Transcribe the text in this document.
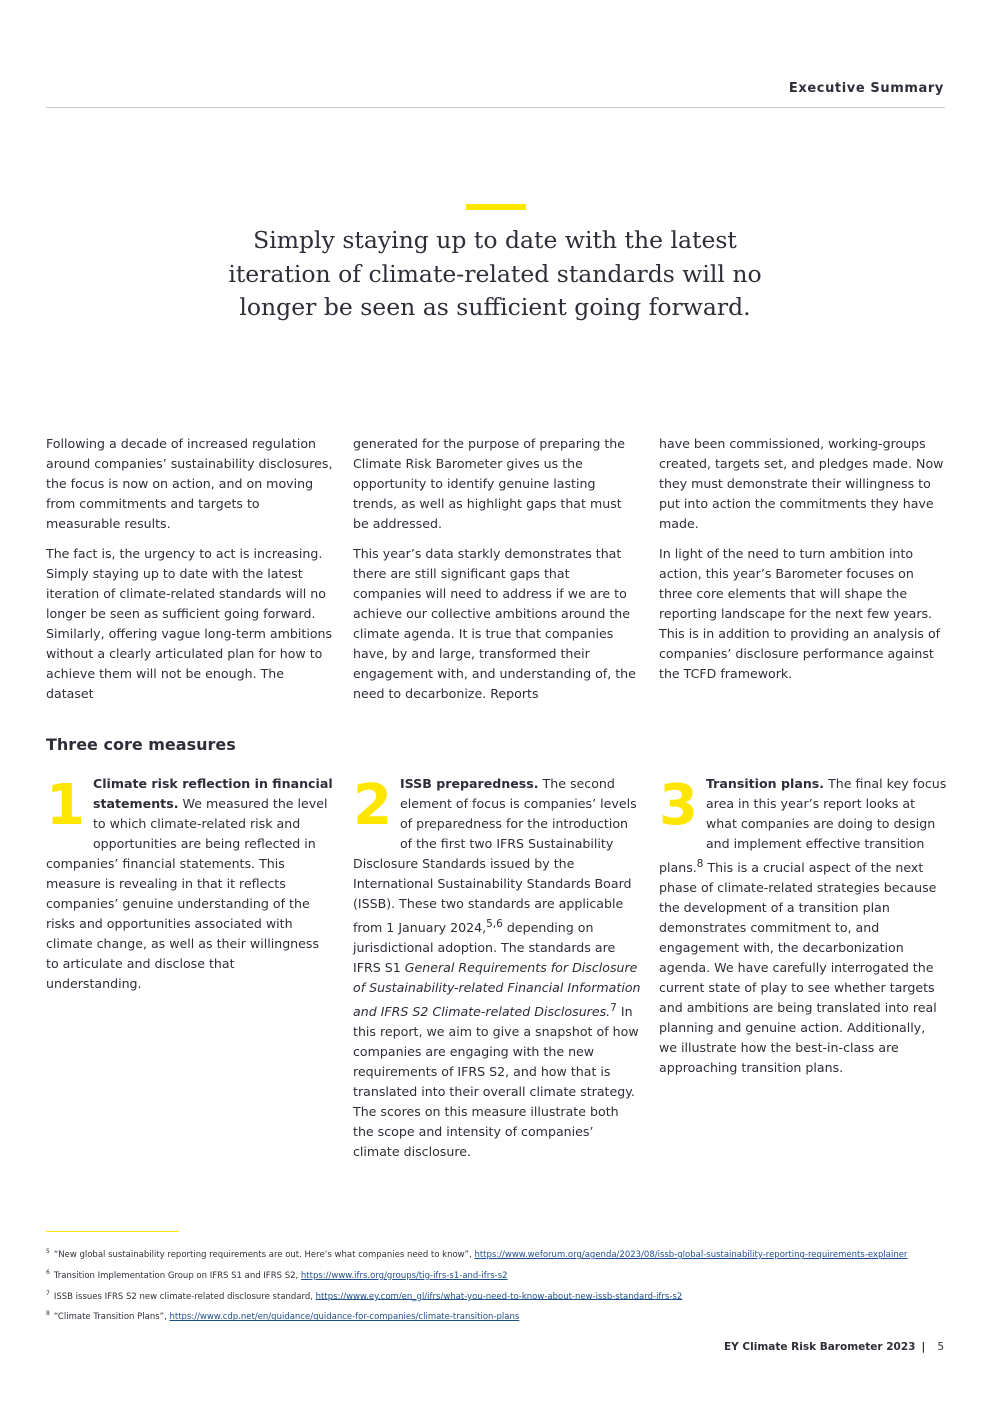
Executive Summary
Simply staying up to date with the latest iteration of climate-related standards will no longer be seen as sufficient going forward.

Following a decade of increased regulation around companies’ sustainability disclosures, the focus is now on action, and on moving from commitments and targets to measurable results.

The fact is, the urgency to act is increasing. Simply staying up to date with the latest iteration of climate-related standards will no longer be seen as sufficient going forward. Similarly, offering vague long-term ambitions without a clearly articulated plan for how to achieve them will not be enough. The dataset

generated for the purpose of preparing the Climate Risk Barometer gives us the opportunity to identify genuine lasting trends, as well as highlight gaps that must be addressed.

This year’s data starkly demonstrates that there are still significant gaps that companies will need to address if we are to achieve our collective ambitions around the climate agenda. It is true that companies have, by and large, transformed their engagement with, and understanding of, the need to decarbonize. Reports

have been commissioned, working-groups created, targets set, and pledges made. Now they must demonstrate their willingness to put into action the commitments they have made.

In light of the need to turn ambition into action, this year’s Barometer focuses on three core elements that will shape the reporting landscape for the next few years. This is in addition to providing an analysis of companies’ disclosure performance against the TCFD framework.

Three core measures
1 Climate risk reflection in financial statements. We measured the level to which climate-related risk and opportunities are being reflected in companies’ financial statements. This measure is revealing in that it reflects companies’ genuine understanding of the risks and opportunities associated with climate change, as well as their willingness to articulate and disclose that understanding.
2 ISSB preparedness. The second element of focus is companies’ levels of preparedness for the introduction of the first two IFRS Sustainability Disclosure Standards issued by the International Sustainability Standards Board (ISSB). These two standards are applicable from 1 January 2024,$^{5,6}$ depending on jurisdictional adoption. The standards are IFRS S1 General Requirements for Disclosure of Sustainability-related Financial Information and IFRS S2 Climate-related Disclosures.$^7$ In this report, we aim to give a snapshot of how companies are engaging with the new requirements of IFRS S2, and how that is translated into their overall climate strategy. The scores on this measure illustrate both the scope and intensity of companies’ climate disclosure.
3 Transition plans. The final key focus area in this year’s report looks at what companies are doing to design and implement effective transition plans.$^8$ This is a crucial aspect of the next phase of climate-related strategies because the development of a transition plan demonstrates commitment to, and engagement with, the decarbonization agenda. We have carefully interrogated the current state of play to see whether targets and ambitions are being translated into real planning and genuine action. Additionally, we illustrate how the best-in-class are approaching transition plans.
$^5$ “New global sustainability reporting requirements are out. Here’s what companies need to know”, https://www.weforum.org/agenda/2023/08/issb-global-sustainability-reporting-requirements-explainer
$^6$ Transition Implementation Group on IFRS S1 and IFRS S2, https://www.ifrs.org/groups/tig-ifrs-s1-and-ifrs-s2
$^7$ ISSB issues IFRS S2 new climate-related disclosure standard, https://www.ey.com/en_gl/ifrs/what-you-need-to-know-about-new-issb-standard-ifrs-s2
$^8$ “Climate Transition Plans”, https://www.cdp.net/en/guidance/guidance-for-companies/climate-transition-plans
EY Climate Risk Barometer 2023 | 5
